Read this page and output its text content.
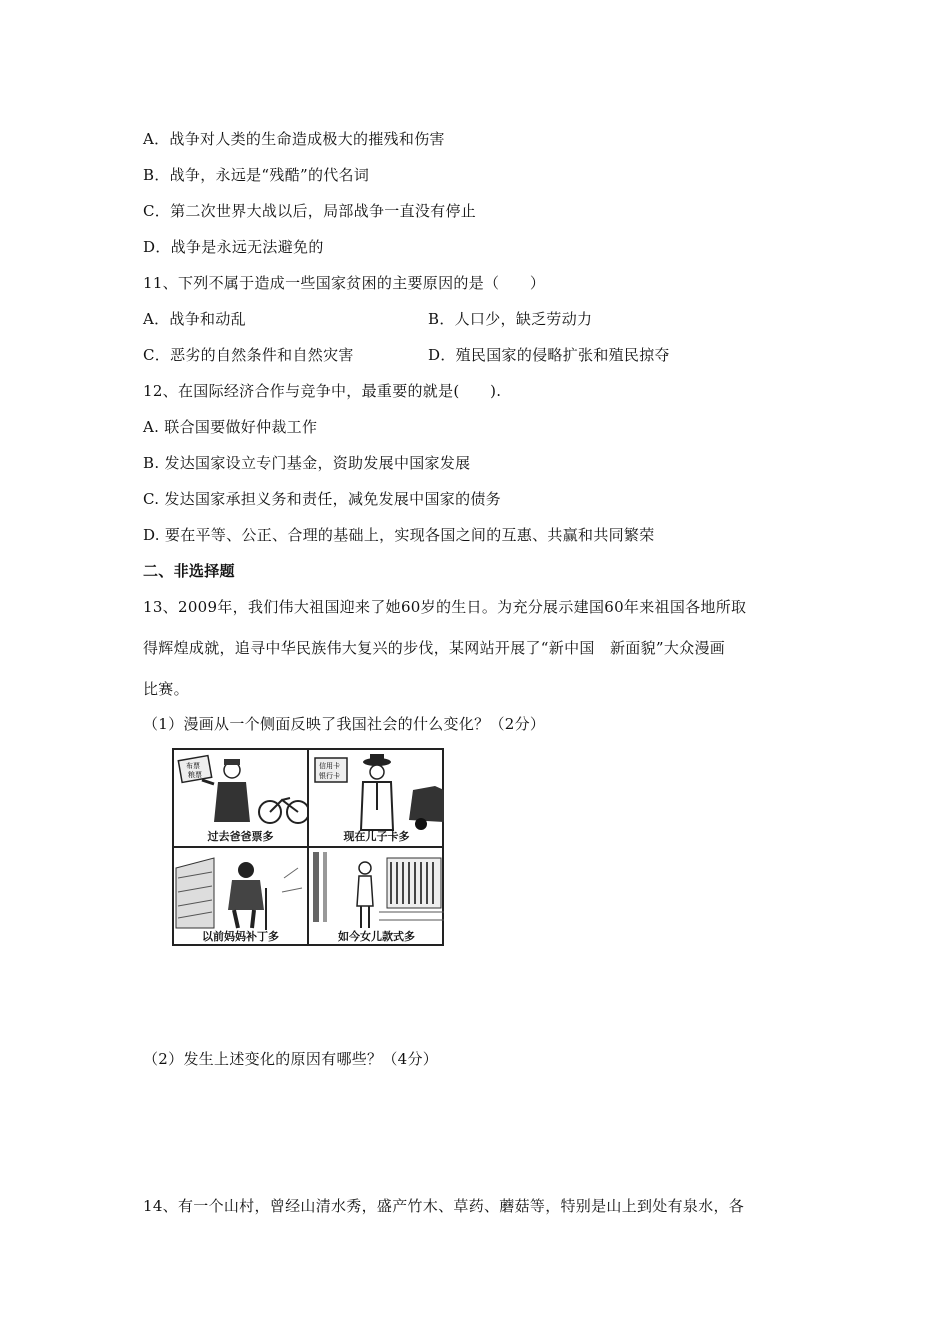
A．战争对人类的生命造成极大的摧残和伤害
B．战争，永远是“残酷”的代名词
C．第二次世界大战以后，局部战争一直没有停止
D．战争是永远无法避免的
11、下列不属于造成一些国家贫困的主要原因的是（　　）
A．战争和动乱	B．人口少，缺乏劳动力
C．恶劣的自然条件和自然灾害	D．殖民国家的侵略扩张和殖民掠夺
12、在国际经济合作与竞争中，最重要的就是(　　).
A. 联合国要做好仲裁工作
B. 发达国家设立专门基金，资助发展中国家发展
C. 发达国家承担义务和责任，减免发展中国家的债务
D. 要在平等、公正、合理的基础上，实现各国之间的互惠、共赢和共同繁荣
二、非选择题
13、2009年，我们伟大祖国迎来了她60岁的生日。为充分展示建国60年来祖国各地所取
得辉煌成就，追寻中华民族伟大复兴的步伐，某网站开展了“新中国　新面貌”大众漫画
比赛。
（1）漫画从一个侧面反映了我国社会的什么变化？（2分）
布票
粮票
过去爸爸票多
信用卡
银行卡
现在儿子卡多
以前妈妈补丁多	如今女儿款式多
（2）发生上述变化的原因有哪些？（4分）
14、有一个山村，曾经山清水秀，盛产竹木、草药、蘑菇等，特别是山上到处有泉水，各
